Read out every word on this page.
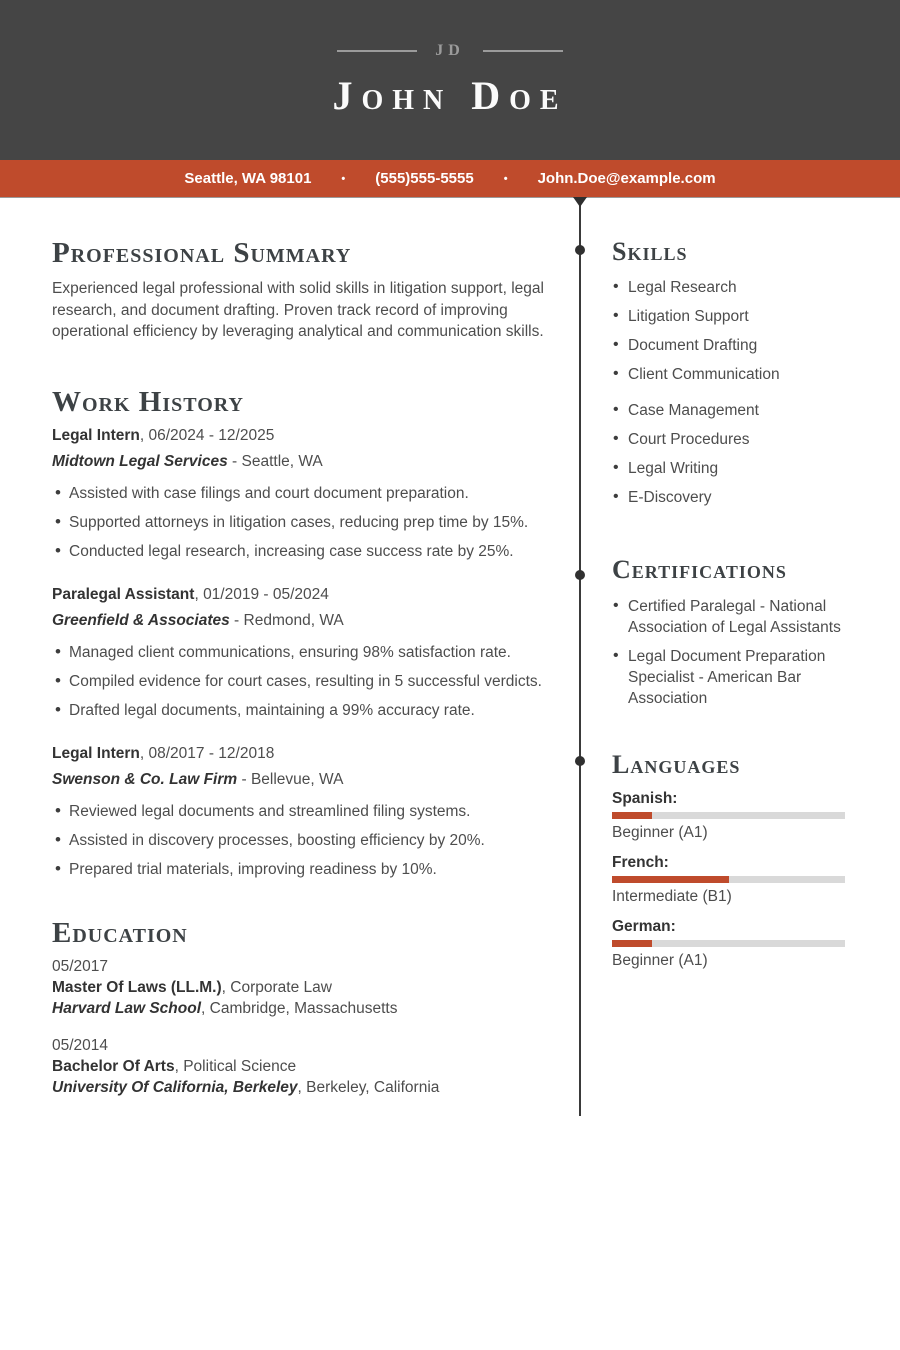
JD
John Doe
Seattle, WA 98101	• (555)555-5555	• John.Doe@example.com
Professional Summary

Experienced legal professional with solid skills in litigation support, legal research, and document drafting. Proven track record of improving operational efficiency by leveraging analytical and communication skills.

Work History
Legal Intern, 06/2024 - 12/2025
Midtown Legal Services - Seattle, WA
• Assisted with case filings and court document preparation.
• Supported attorneys in litigation cases, reducing prep time by 15%.
• Conducted legal research, increasing case success rate by 25%.
Paralegal Assistant, 01/2019 - 05/2024
Greenfield & Associates - Redmond, WA
• Managed client communications, ensuring 98% satisfaction rate.
• Compiled evidence for court cases, resulting in 5 successful verdicts.
• Drafted legal documents, maintaining a 99% accuracy rate.
Legal Intern, 08/2017 - 12/2018
Swenson & Co. Law Firm - Bellevue, WA
• Reviewed legal documents and streamlined filing systems.
• Assisted in discovery processes, boosting efficiency by 20%.
• Prepared trial materials, improving readiness by 10%.
Education
05/2017
Master Of Laws (LL.M.), Corporate Law
Harvard Law School, Cambridge, Massachusetts
05/2014
Bachelor Of Arts, Political Science
University Of California, Berkeley, Berkeley, California
Skills
• Legal Research
• Litigation Support
• Document Drafting
• Client Communication
• Case Management
• Court Procedures
• Legal Writing
• E-Discovery
Certifications
• Certified Paralegal - National Association of Legal Assistants
• Legal Document Preparation Specialist - American Bar Association
Languages
Spanish:
Beginner (A1)
French:
Intermediate (B1)
German:
Beginner (A1)
